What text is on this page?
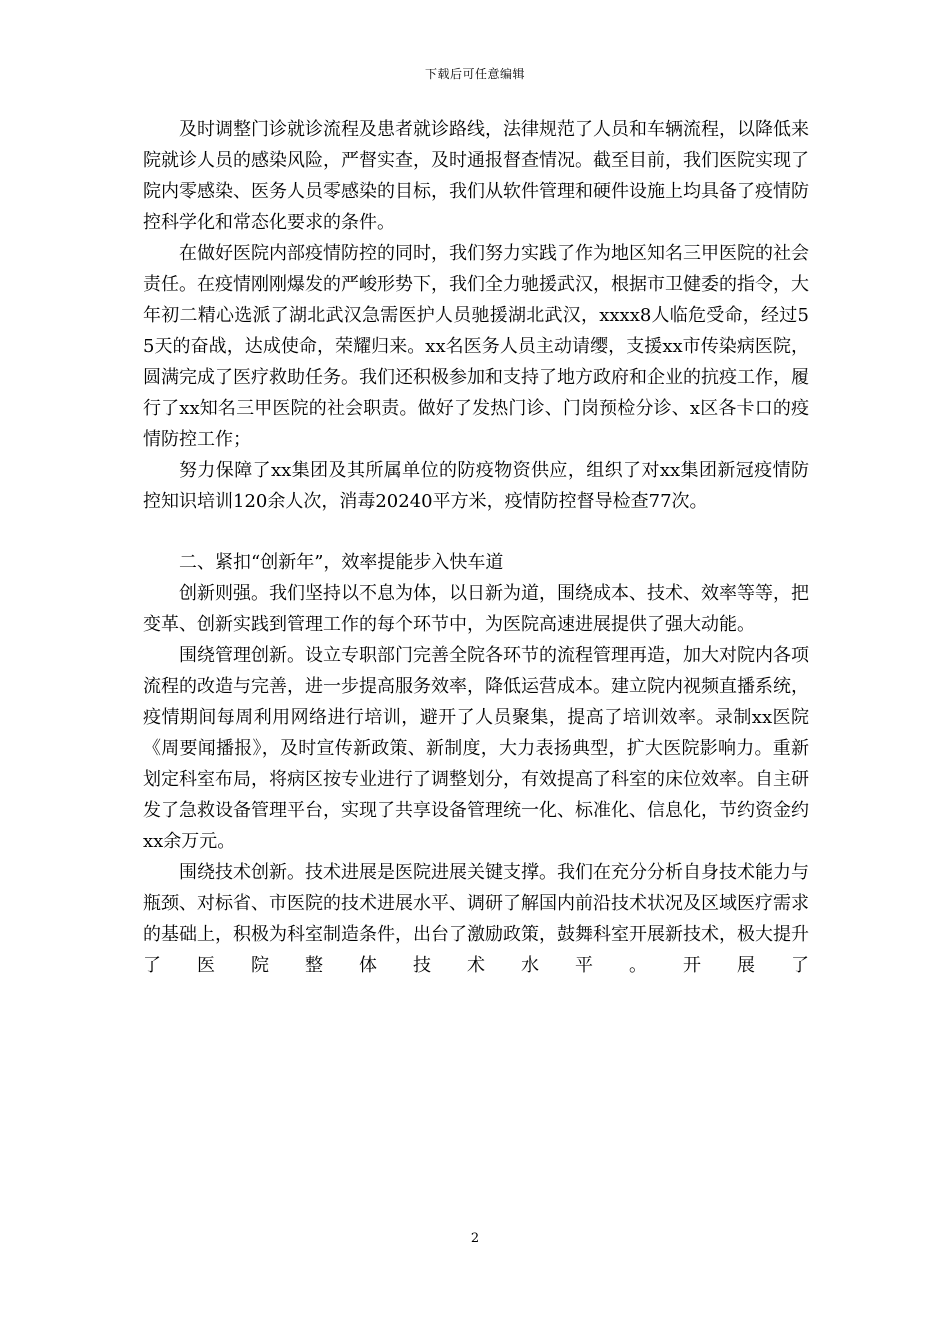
下载后可任意编辑

及时调整门诊就诊流程及患者就诊路线，法律规范了人员和车辆流程，以降低来院就诊人员的感染风险，严督实查，及时通报督查情况。截至目前，我们医院实现了院内零感染、医务人员零感染的目标，我们从软件管理和硬件设施上均具备了疫情防控科学化和常态化要求的条件。

在做好医院内部疫情防控的同时，我们努力实践了作为地区知名三甲医院的社会责任。在疫情刚刚爆发的严峻形势下，我们全力驰援武汉，根据市卫健委的指令，大年初二精心选派了湖北武汉急需医护人员驰援湖北武汉，xxxx8人临危受命，经过55天的奋战，达成使命，荣耀归来。xx名医务人员主动请缨，支援xx市传染病医院，圆满完成了医疗救助任务。我们还积极参加和支持了地方政府和企业的抗疫工作，履行了xx知名三甲医院的社会职责。做好了发热门诊、门岗预检分诊、x区各卡口的疫情防控工作；

努力保障了xx集团及其所属单位的防疫物资供应，组织了对xx集团新冠疫情防控知识培训120余人次，消毒20240平方米，疫情防控督导检查77次。

二、紧扣“创新年”，效率提能步入快车道

创新则强。我们坚持以不息为体，以日新为道，围绕成本、技术、效率等等，把变革、创新实践到管理工作的每个环节中，为医院高速进展提供了强大动能。

围绕管理创新。设立专职部门完善全院各环节的流程管理再造，加大对院内各项流程的改造与完善，进一步提高服务效率，降低运营成本。建立院内视频直播系统，疫情期间每周利用网络进行培训，避开了人员聚集，提高了培训效率。录制xx医院《周要闻播报》，及时宣传新政策、新制度，大力表扬典型，扩大医院影响力。重新划定科室布局，将病区按专业进行了调整划分，有效提高了科室的床位效率。自主研发了急救设备管理平台，实现了共享设备管理统一化、标准化、信息化，节约资金约xx余万元。

围绕技术创新。技术进展是医院进展关键支撑。我们在充分分析自身技术能力与瓶颈、对标省、市医院的技术进展水平、调研了解国内前沿技术状况及区域医疗需求的基础上，积极为科室制造条件，出台了激励政策，鼓舞科室开展新技术，极大提升了医院整体技术水平。开展了

2
